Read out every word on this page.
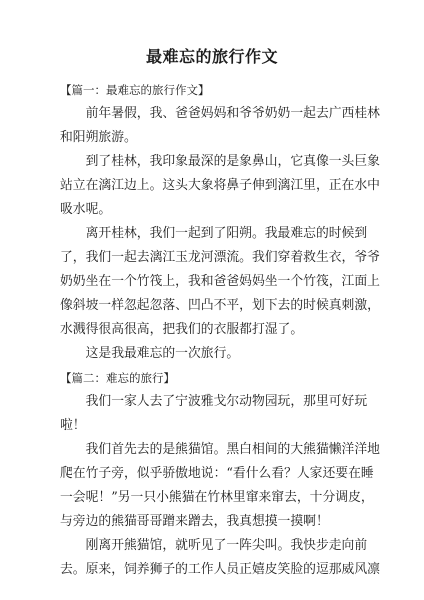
最难忘的旅行作文
【篇一：最难忘的旅行作文】
　　前年暑假，我、爸爸妈妈和爷爷奶奶一起去广西桂林
和阳朔旅游。
　　到了桂林，我印象最深的是象鼻山，它真像一头巨象
站立在漓江边上。这头大象将鼻子伸到漓江里，正在水中
吸水呢。
　　离开桂林，我们一起到了阳朔。我最难忘的时候到
了，我们一起去漓江玉龙河漂流。我们穿着救生衣，爷爷
奶奶坐在一个竹筏上，我和爸爸妈妈坐一个竹筏，江面上
像斜坡一样忽起忽落、凹凸不平，划下去的时候真刺激，
水溅得很高很高，把我们的衣服都打湿了。
　　这是我最难忘的一次旅行。
【篇二：难忘的旅行】
　　我们一家人去了宁波雅戈尔动物园玩，那里可好玩
啦！
　　我们首先去的是熊猫馆。黑白相间的大熊猫懒洋洋地
爬在竹子旁，似乎骄傲地说：“看什么看？人家还要在睡
一会呢！”另一只小熊猫在竹林里窜来窜去，十分调皮，
与旁边的熊猫哥哥蹭来蹭去，我真想摸一摸啊！
　　刚离开熊猫馆，就听见了一阵尖叫。我快步走向前
去。原来，饲养狮子的工作人员正嬉皮笑脸的逗那威风凛
